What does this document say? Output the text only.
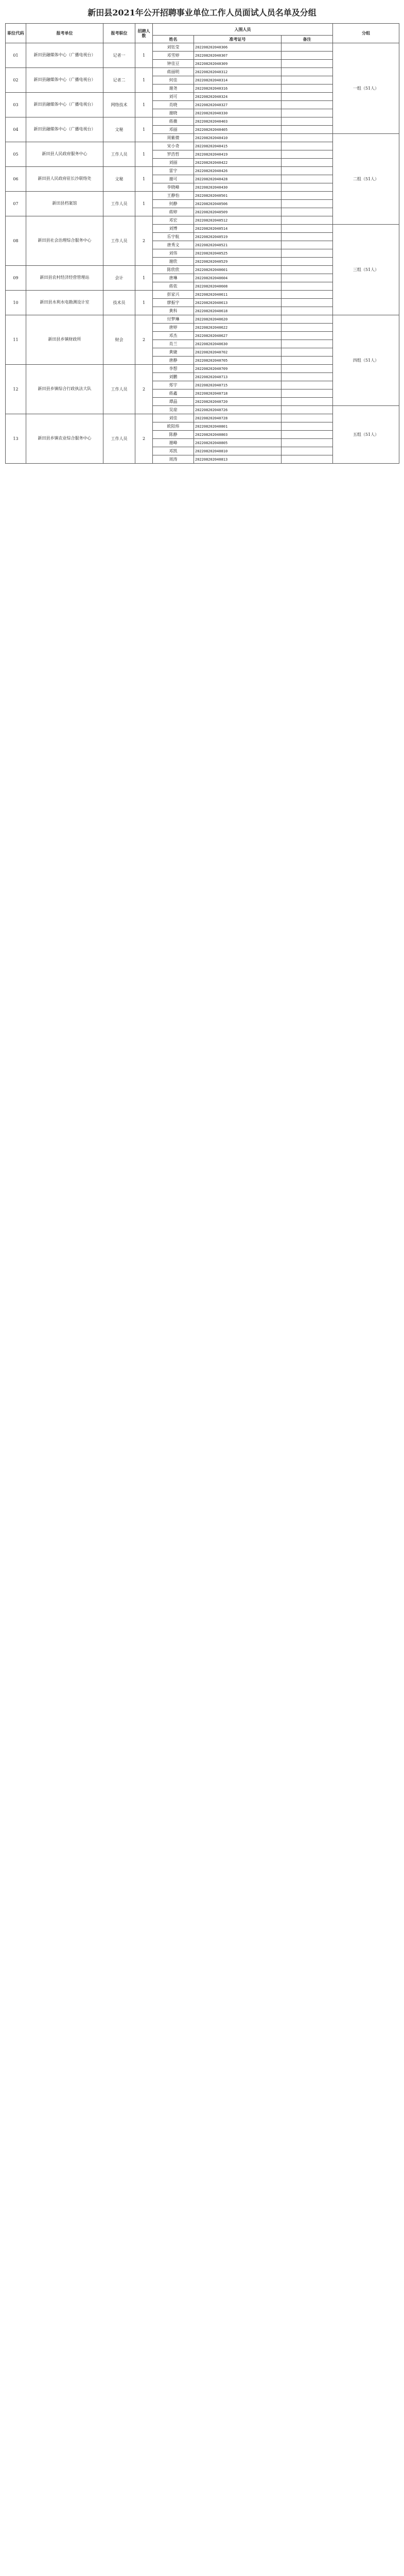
新田县2021年公开招聘事业单位工作人员面试人员名单及分组
职位代码	报考单位	报考职位	招聘人数	入围人员			分组
				姓名	准考证号	备注	
01	新田县融媒体中心（广播电视台）	记者一	1	刘钰莹	202208202040306		一组（51人）
				邓雪婷	202208202040307		
				钟佳豆	202208202040309		
02	新田县融媒体中心（广播电视台）	记者二	1	蒋丽明	202208202040312		
				何佳	202208202040314		
				谢尧	202208202040316		
03	新田县融媒体中心（广播电视台）	网络技术	1	刘可	202208202040324		
				肖晓	202208202040327		
				谢晓	202208202040330		
04	新田县融媒体中心（广播电视台）	文秘	1	蒋薇	202208202040403		
				邓丽	202208202040405		
				周紫微	202208202040410		二组（51人）
05	新田县人民政府服务中心	工作人员	1	宋小奇	202208202040415		
				罗浩哲	202208202040419		
				刘丽	202208202040422		
06	新田县人民政府驻长沙联络处	文秘	1	雷宇	202208202040426		
				谢可	202208202040428		
				李晓峰	202208202040430		
07	新田县档案馆	工作人员	1	王静怡	202208202040501		
				何静	202208202040506		
				蒋婷	202208202040509		
08	新田县社会治理综合服务中心	工作人员	2	邓宏	202208202040512		
				刘博	202208202040514		三组（51人）
				乐宇航	202208202040519		
				唐秀文	202208202040521		
				刘伟	202208202040525		
				谢欣	202208202040529		
09	新田县农村经济经营管理站	会计	1	陈欣欣	202208202040601		
				唐琳	202208202040604		
				蒋依	202208202040608		
10	新田县水利水电勘测设计室	技术员	1	彭家兴	202208202040611		
				廖振宇	202208202040613		
				黄科	202208202040618		
11	新田县乡镇财政所	财会	2	付梦琳	202208202040620		四组（51人）
				唐婷	202208202040622		
				邓杰	202208202040627		
				肖兰	202208202040630		
				黄婕	202208202040702		
				唐静	202208202040705		
12	新田县乡镇综合行政执法大队	工作人员	2	李想	202208202040709		
				刘鹏	202208202040713		
				郑宇	202208202040715		
				蒋鑫	202208202040718		
				谭晶	202208202040720		
				吴琼	202208202040726		五组（51人）
13	新田县乡镇农业综合服务中心	工作人员	2	刘佳	202208202040728		
				欧阳炜	202208202040801		
				陈静	202208202040803		
				谢峰	202208202040805		
				邓凯	202208202040810		
				周涛	202208202040813		
